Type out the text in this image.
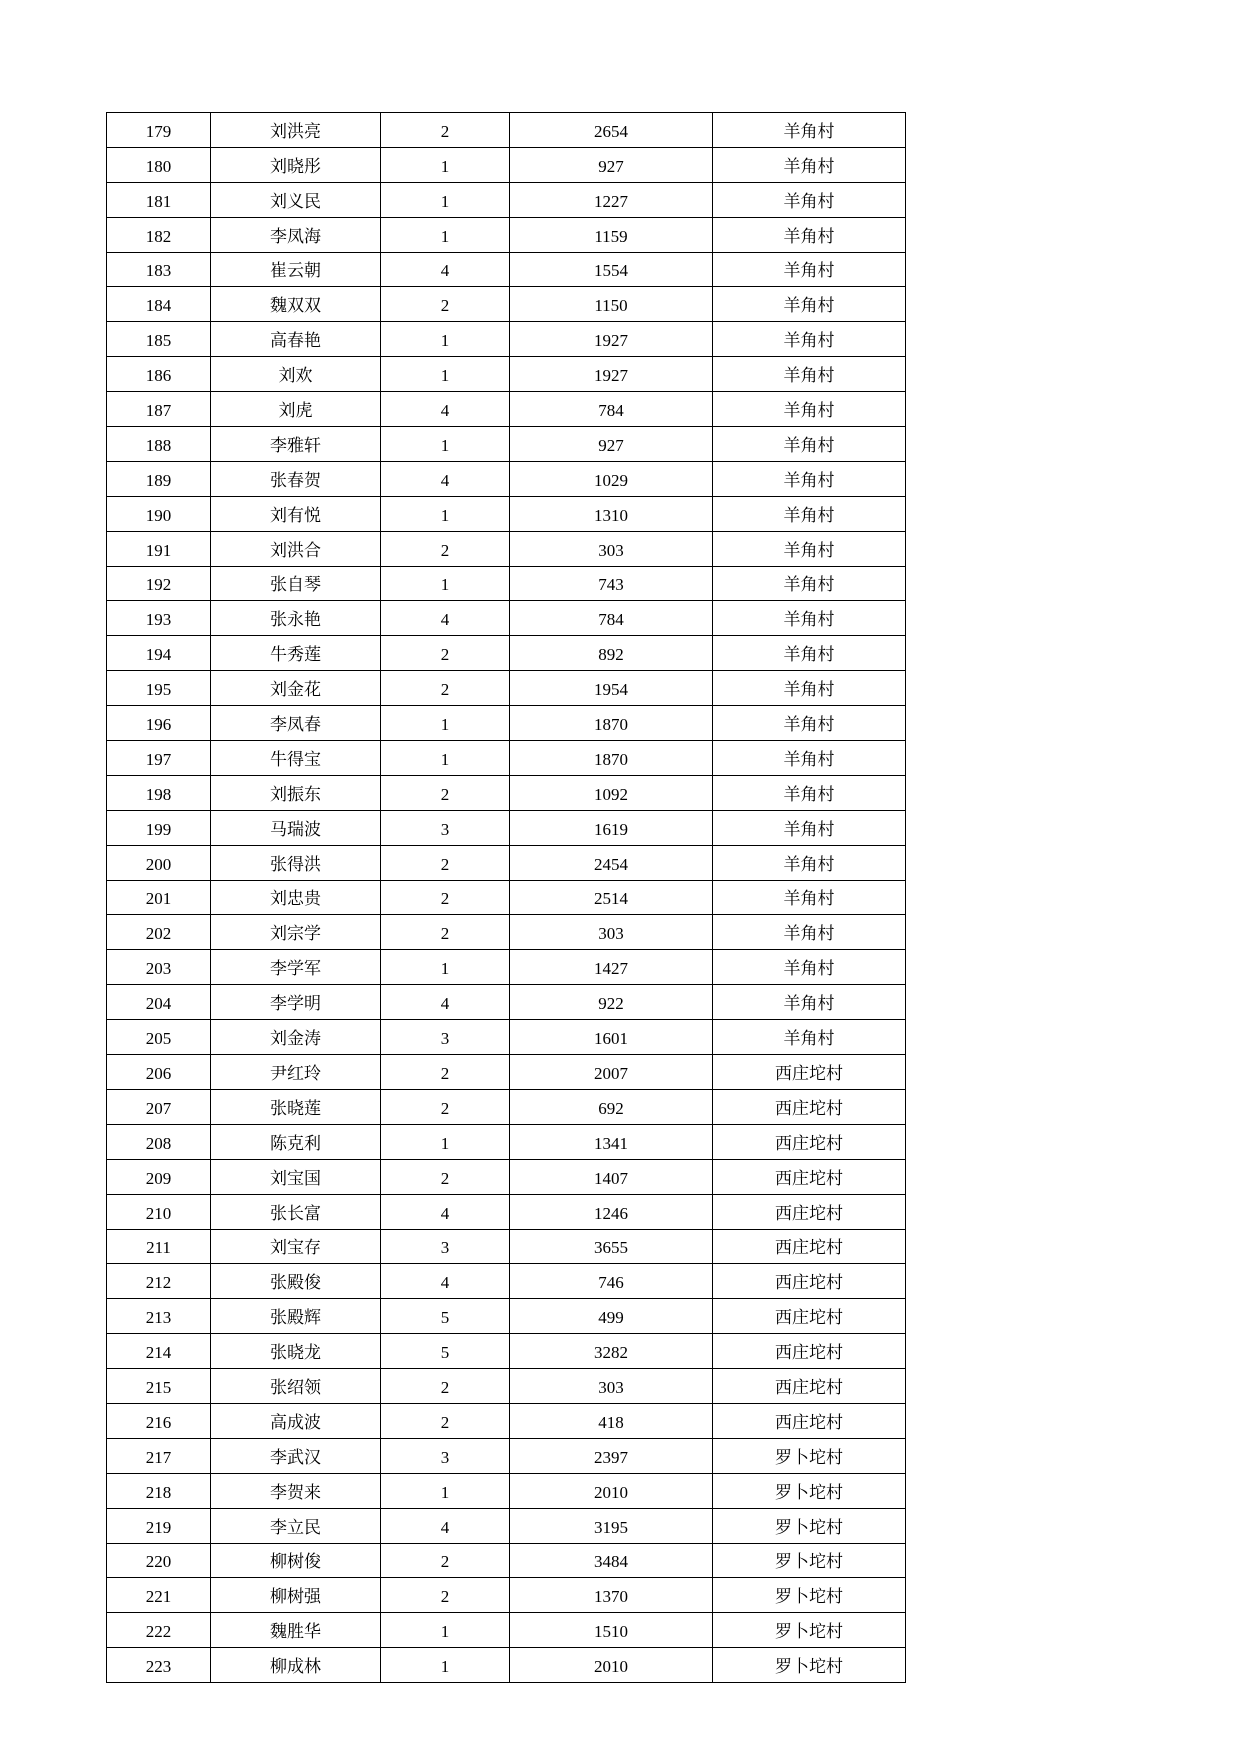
179	刘洪亮	2	2654	羊角村
180	刘晓彤	1	927	羊角村
181	刘义民	1	1227	羊角村
182	李凤海	1	1159	羊角村
183	崔云朝	4	1554	羊角村
184	魏双双	2	1150	羊角村
185	高春艳	1	1927	羊角村
186	刘欢	1	1927	羊角村
187	刘虎	4	784	羊角村
188	李雅轩	1	927	羊角村
189	张春贺	4	1029	羊角村
190	刘有悦	1	1310	羊角村
191	刘洪合	2	303	羊角村
192	张自琴	1	743	羊角村
193	张永艳	4	784	羊角村
194	牛秀莲	2	892	羊角村
195	刘金花	2	1954	羊角村
196	李凤春	1	1870	羊角村
197	牛得宝	1	1870	羊角村
198	刘振东	2	1092	羊角村
199	马瑞波	3	1619	羊角村
200	张得洪	2	2454	羊角村
201	刘忠贵	2	2514	羊角村
202	刘宗学	2	303	羊角村
203	李学军	1	1427	羊角村
204	李学明	4	922	羊角村
205	刘金涛	3	1601	羊角村
206	尹红玲	2	2007	西庄坨村
207	张晓莲	2	692	西庄坨村
208	陈克利	1	1341	西庄坨村
209	刘宝国	2	1407	西庄坨村
210	张长富	4	1246	西庄坨村
211	刘宝存	3	3655	西庄坨村
212	张殿俊	4	746	西庄坨村
213	张殿辉	5	499	西庄坨村
214	张晓龙	5	3282	西庄坨村
215	张绍领	2	303	西庄坨村
216	高成波	2	418	西庄坨村
217	李武汉	3	2397	罗卜坨村
218	李贺来	1	2010	罗卜坨村
219	李立民	4	3195	罗卜坨村
220	柳树俊	2	3484	罗卜坨村
221	柳树强	2	1370	罗卜坨村
222	魏胜华	1	1510	罗卜坨村
223	柳成林	1	2010	罗卜坨村
